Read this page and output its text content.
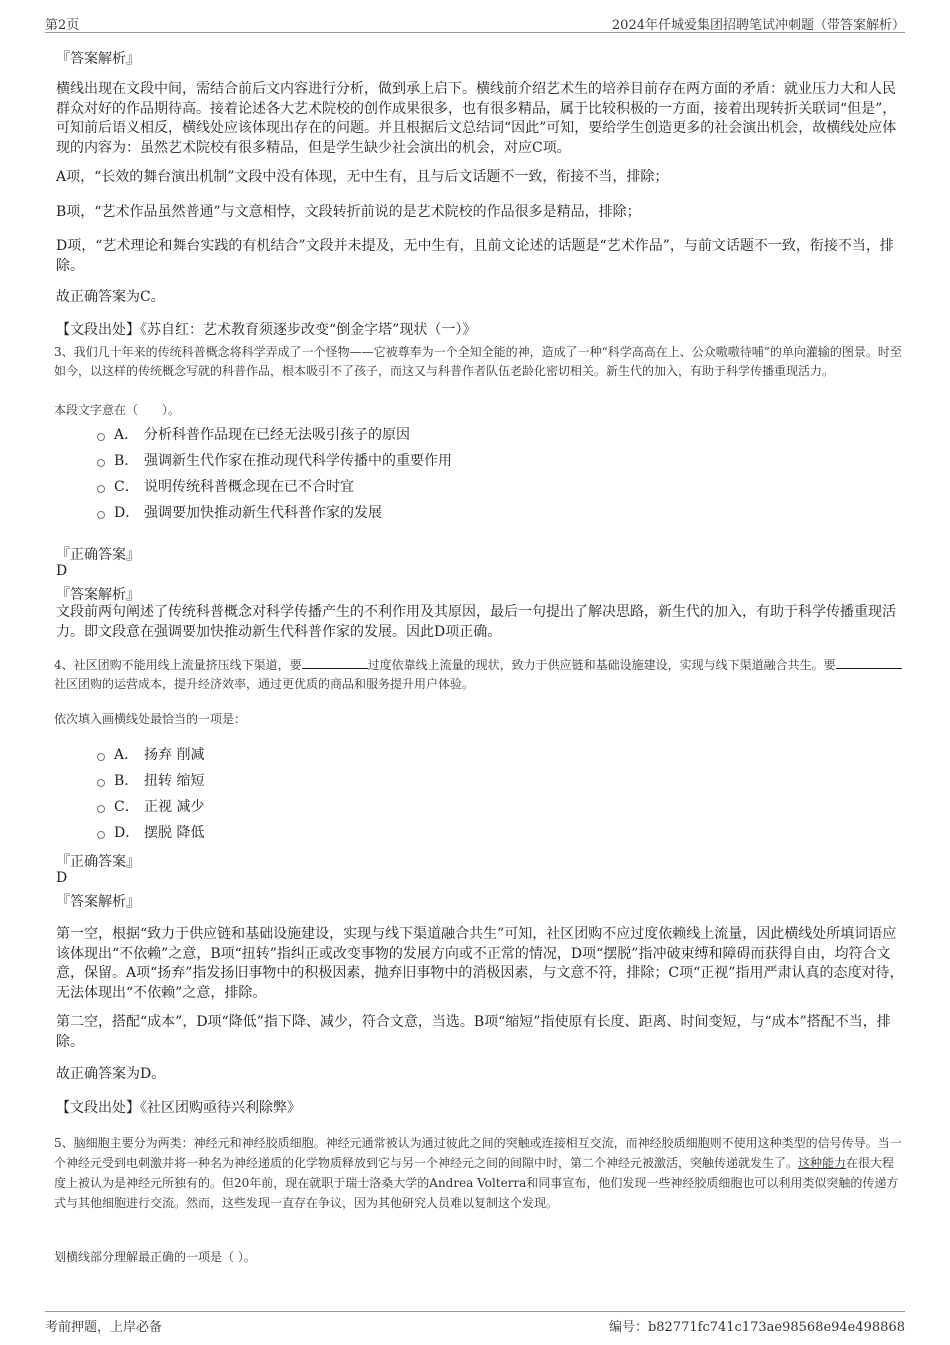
第2页	2024年仟城爱集团招聘笔试冲刺题（带答案解析）
『答案解析』

横线出现在文段中间，需结合前后文内容进行分析，做到承上启下。横线前介绍艺术生的培养目前存在两方面的矛盾：就业压力大和人民群众对好的作品期待高。接着论述各大艺术院校的创作成果很多，也有很多精品，属于比较积极的一方面，接着出现转折关联词“但是”，可知前后语义相反，横线处应该体现出存在的问题。并且根据后文总结词“因此”可知，要给学生创造更多的社会演出机会，故横线处应体现的内容为：虽然艺术院校有很多精品，但是学生缺少社会演出的机会，对应C项。

A项，“长效的舞台演出机制”文段中没有体现，无中生有，且与后文话题不一致，衔接不当，排除；

B项，“艺术作品虽然普通”与文意相悖，文段转折前说的是艺术院校的作品很多是精品，排除；

D项，“艺术理论和舞台实践的有机结合”文段并未提及，无中生有，且前文论述的话题是“艺术作品”，与前文话题不一致，衔接不当，排除。

故正确答案为C。

【文段出处】《苏自红：艺术教育须逐步改变“倒金字塔”现状（一）》

3、我们几十年来的传统科普概念将科学弄成了一个怪物——它被尊奉为一个全知全能的神，造成了一种“科学高高在上、公众嗷嗷待哺”的单向灌输的图景。时至如今，以这样的传统概念写就的科普作品，根本吸引不了孩子，而这又与科普作者队伍老龄化密切相关。新生代的加入，有助于科学传播重现活力。

本段文字意在（　　）。

A． 分析科普作品现在已经无法吸引孩子的原因
B． 强调新生代作家在推动现代科学传播中的重要作用
C． 说明传统科普概念现在已不合时宜
D． 强调要加快推动新生代科普作家的发展
『正确答案』
D
『答案解析』

文段前两句阐述了传统科普概念对科学传播产生的不利作用及其原因，最后一句提出了解决思路，新生代的加入，有助于科学传播重现活力。即文段意在强调要加快推动新生代科普作家的发展。因此D项正确。

4、社区团购不能用线上流量挤压线下渠道，要	过度依靠线上流量的现状，致力于供应链和基础设施建设，实现与线下渠道融合共生。要社区团购的运营成本，提升经济效率，通过更优质的商品和服务提升用户体验。

依次填入画横线处最恰当的一项是：

A． 扬弃 削减
B． 扭转 缩短
C． 正视 减少
D． 摆脱 降低
『正确答案』
D
『答案解析』

第一空，根据“致力于供应链和基础设施建设，实现与线下渠道融合共生”可知，社区团购不应过度依赖线上流量，因此横线处所填词语应该体现出“不依赖”之意，B项“扭转”指纠正或改变事物的发展方向或不正常的情况，D项“摆脱”指冲破束缚和障碍而获得自由，均符合文意，保留。A项“扬弃”指发扬旧事物中的积极因素，抛弃旧事物中的消极因素，与文意不符，排除；C项“正视”指用严肃认真的态度对待，无法体现出“不依赖”之意，排除。

第二空，搭配“成本”，D项“降低”指下降、减少，符合文意，当选。B项“缩短”指使原有长度、距离、时间变短，与“成本”搭配不当，排除。

故正确答案为D。

【文段出处】《社区团购亟待兴利除弊》

5、脑细胞主要分为两类：神经元和神经胶质细胞。神经元通常被认为通过彼此之间的突触或连接相互交流，而神经胶质细胞则不使用这种类型的信号传导。当一个神经元受到电刺激并将一种名为神经递质的化学物质释放到它与另一个神经元之间的间隙中时，第二个神经元被激活，突触传递就发生了。这种能力在很大程度上被认为是神经元所独有的。但20年前，现在就职于瑞士洛桑大学的Andrea Volterra和同事宣布，他们发现一些神经胶质细胞也可以利用类似突触的传递方式与其他细胞进行交流。然而，这些发现一直存在争议，因为其他研究人员难以复制这个发现。

划横线部分理解最正确的一项是（ ）。

考前押题，上岸必备	编号：b82771fc741c173ae98568e94e498868
